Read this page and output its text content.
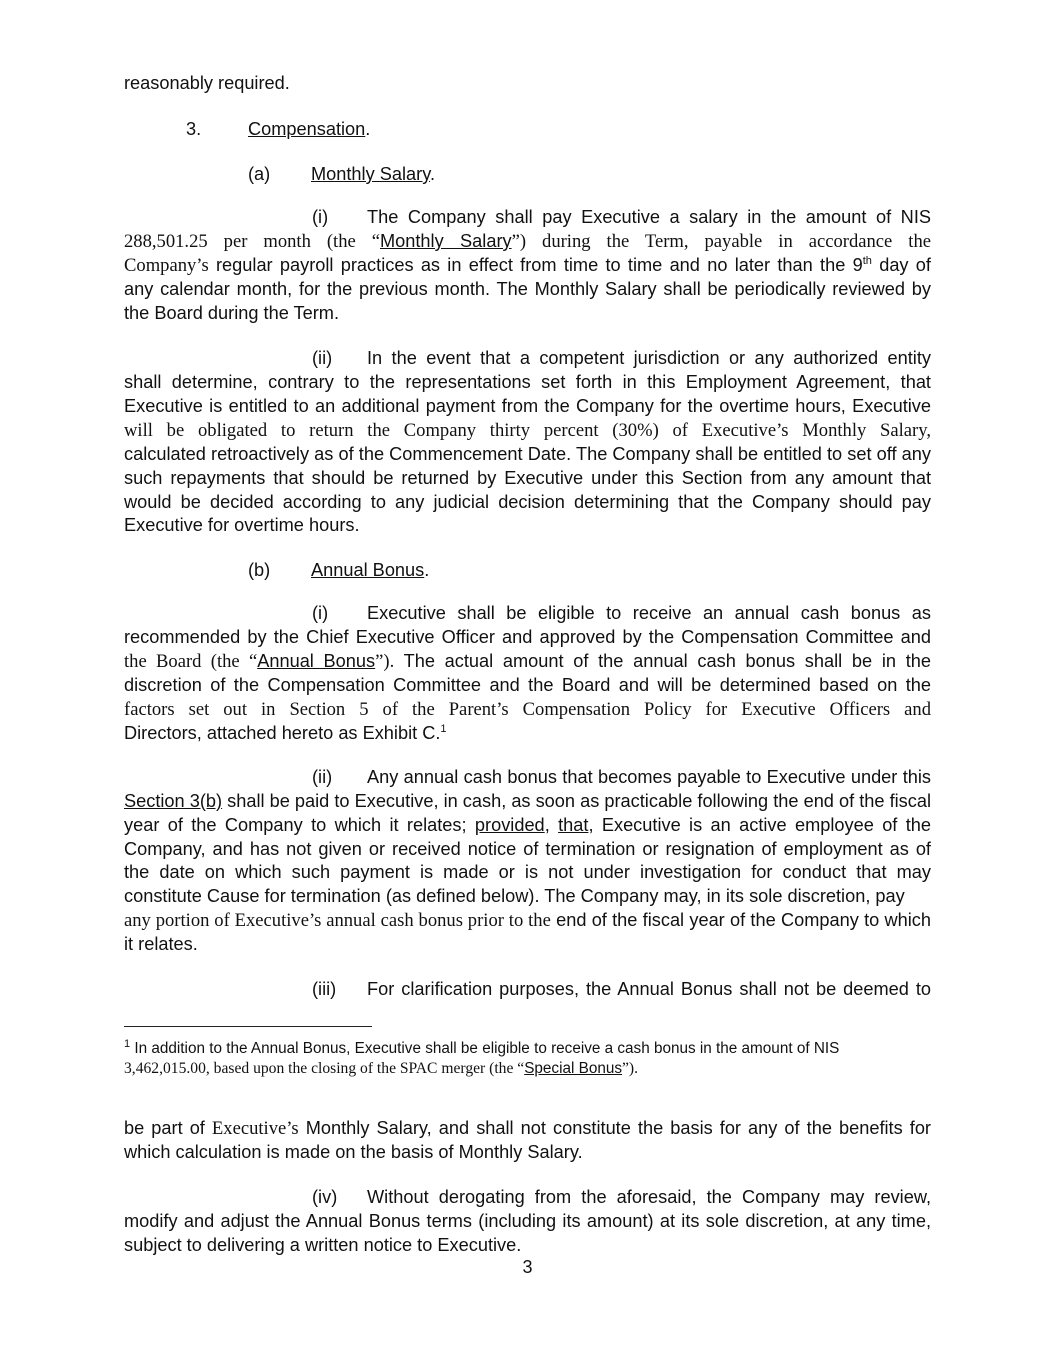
reasonably required.

3.	Compensation.
(a) Monthly Salary.
(i) The Company shall pay Executive a salary in the amount of NIS

288,501.25 per month (the “Monthly Salary”) during the Term, payable in accordance the

Company’s regular payroll practices as in effect from time to time and no later than the 9th day of

any calendar month, for the previous month. The Monthly Salary shall be periodically reviewed by the Board during the Term.

(ii) In the event that a competent jurisdiction or any authorized entity

shall determine, contrary to the representations set forth in this Employment Agreement, that Executive is entitled to an additional payment from the Company for the overtime hours, Executive

will be obligated to return the Company thirty percent (30%) of Executive’s Monthly Salary,

calculated retroactively as of the Commencement Date. The Company shall be entitled to set off any such repayments that should be returned by Executive under this Section from any amount that would be decided according to any judicial decision determining that the Company should pay Executive for overtime hours.

(b) Annual Bonus.
(i) Executive shall be eligible to receive an annual cash bonus as

recommended by the Chief Executive Officer and approved by the Compensation Committee and

the Board (the “Annual Bonus”). The actual amount of the annual cash bonus shall be in the discretion of the Compensation Committee and the Board and will be determined based on the

factors set out in Section 5 of the Parent’s Compensation Policy for Executive Officers and

Directors, attached hereto as Exhibit C.$^1$

(ii) Any annual cash bonus that becomes payable to Executive under this

Section 3(b) shall be paid to Executive, in cash, as soon as practicable following the end of the fiscal year of the Company to which it relates; provided, that, Executive is an active employee of the Company, and has not given or received notice of termination or resignation of employment as of the date on which such payment is made or is not under investigation for conduct that may constitute Cause for termination (as defined below). The Company may, in its sole discretion, pay

any portion of Executive’s annual cash bonus prior to the end of the fiscal year of the Company to which it relates.

(iii) For clarification purposes, the Annual Bonus shall not be deemed to

$^1$ In addition to the Annual Bonus, Executive shall be eligible to receive a cash bonus in the amount of NIS

3,462,015.00, based upon the closing of the SPAC merger (the “Special Bonus”).

be part of Executive’s Monthly Salary, and shall not constitute the basis for any of the benefits for which calculation is made on the basis of Monthly Salary.

(iv) Without derogating from the aforesaid, the Company may review,

modify and adjust the Annual Bonus terms (including its amount) at its sole discretion, at any time, subject to delivering a written notice to Executive.

3
